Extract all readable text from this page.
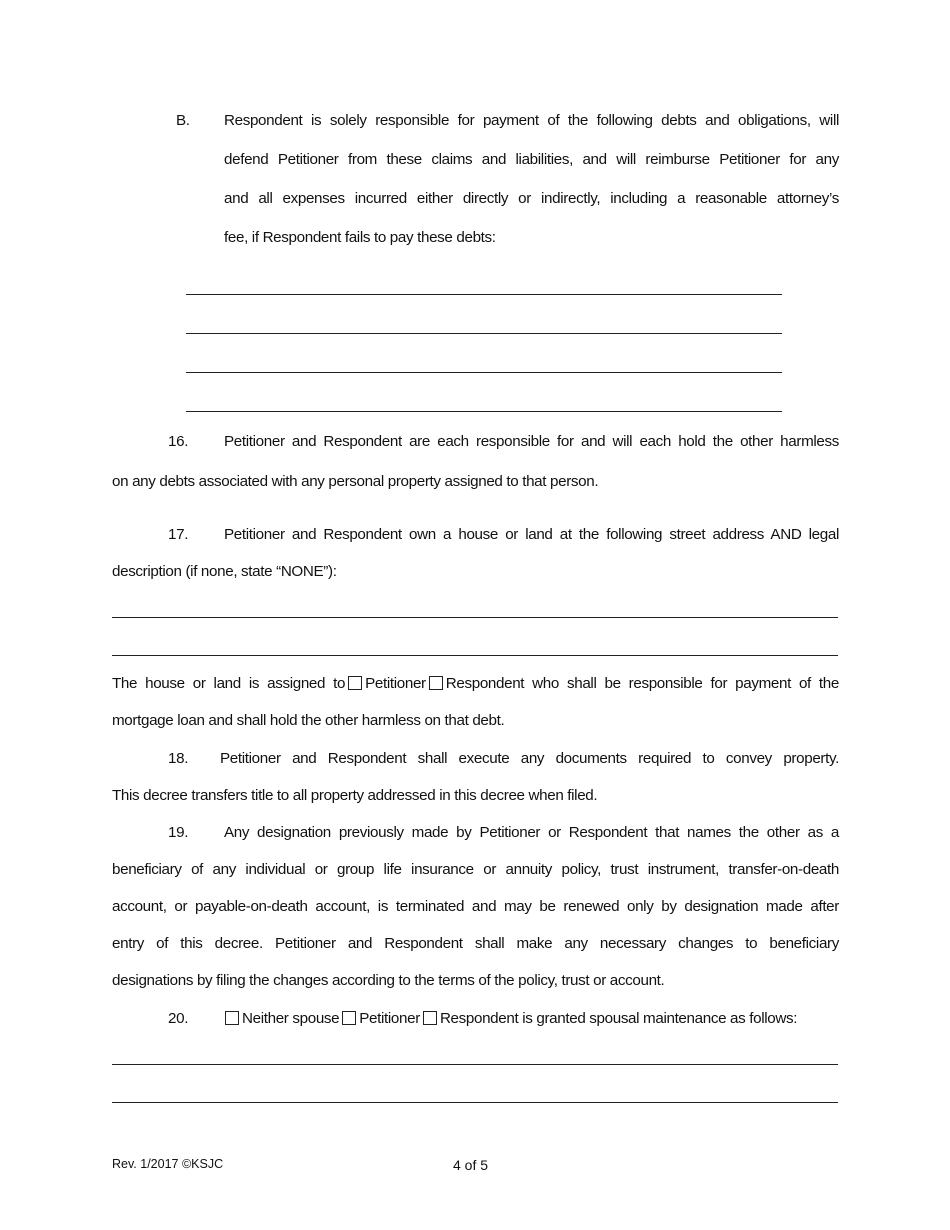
B. Respondent is solely responsible for payment of the following debts and obligations, will
defend Petitioner from these claims and liabilities, and will reimburse Petitioner for any
and all expenses incurred either directly or indirectly, including a reasonable attorney’s
fee, if Respondent fails to pay these debts:
16. Petitioner and Respondent are each responsible for and will each hold the other harmless
on any debts associated with any personal property assigned to that person.
17. Petitioner and Respondent own a house or land at the following street address AND legal
description (if none, state “NONE”):
The house or land is assigned to Petitioner Respondent who shall be responsible for payment of the
mortgage loan and shall hold the other harmless on that debt.
18. Petitioner and Respondent shall execute any documents required to convey property.
This decree transfers title to all property addressed in this decree when filed.
19. Any designation previously made by Petitioner or Respondent that names the other as a
beneficiary of any individual or group life insurance or annuity policy, trust instrument, transfer-on-death
account, or payable-on-death account, is terminated and may be renewed only by designation made after
entry of this decree. Petitioner and Respondent shall make any necessary changes to beneficiary
designations by filing the changes according to the terms of the policy, trust or account.
20.	Neither spouse Petitioner Respondent is granted spousal maintenance as follows:
Rev. 1/2017 ©KSJC	4 of 5
